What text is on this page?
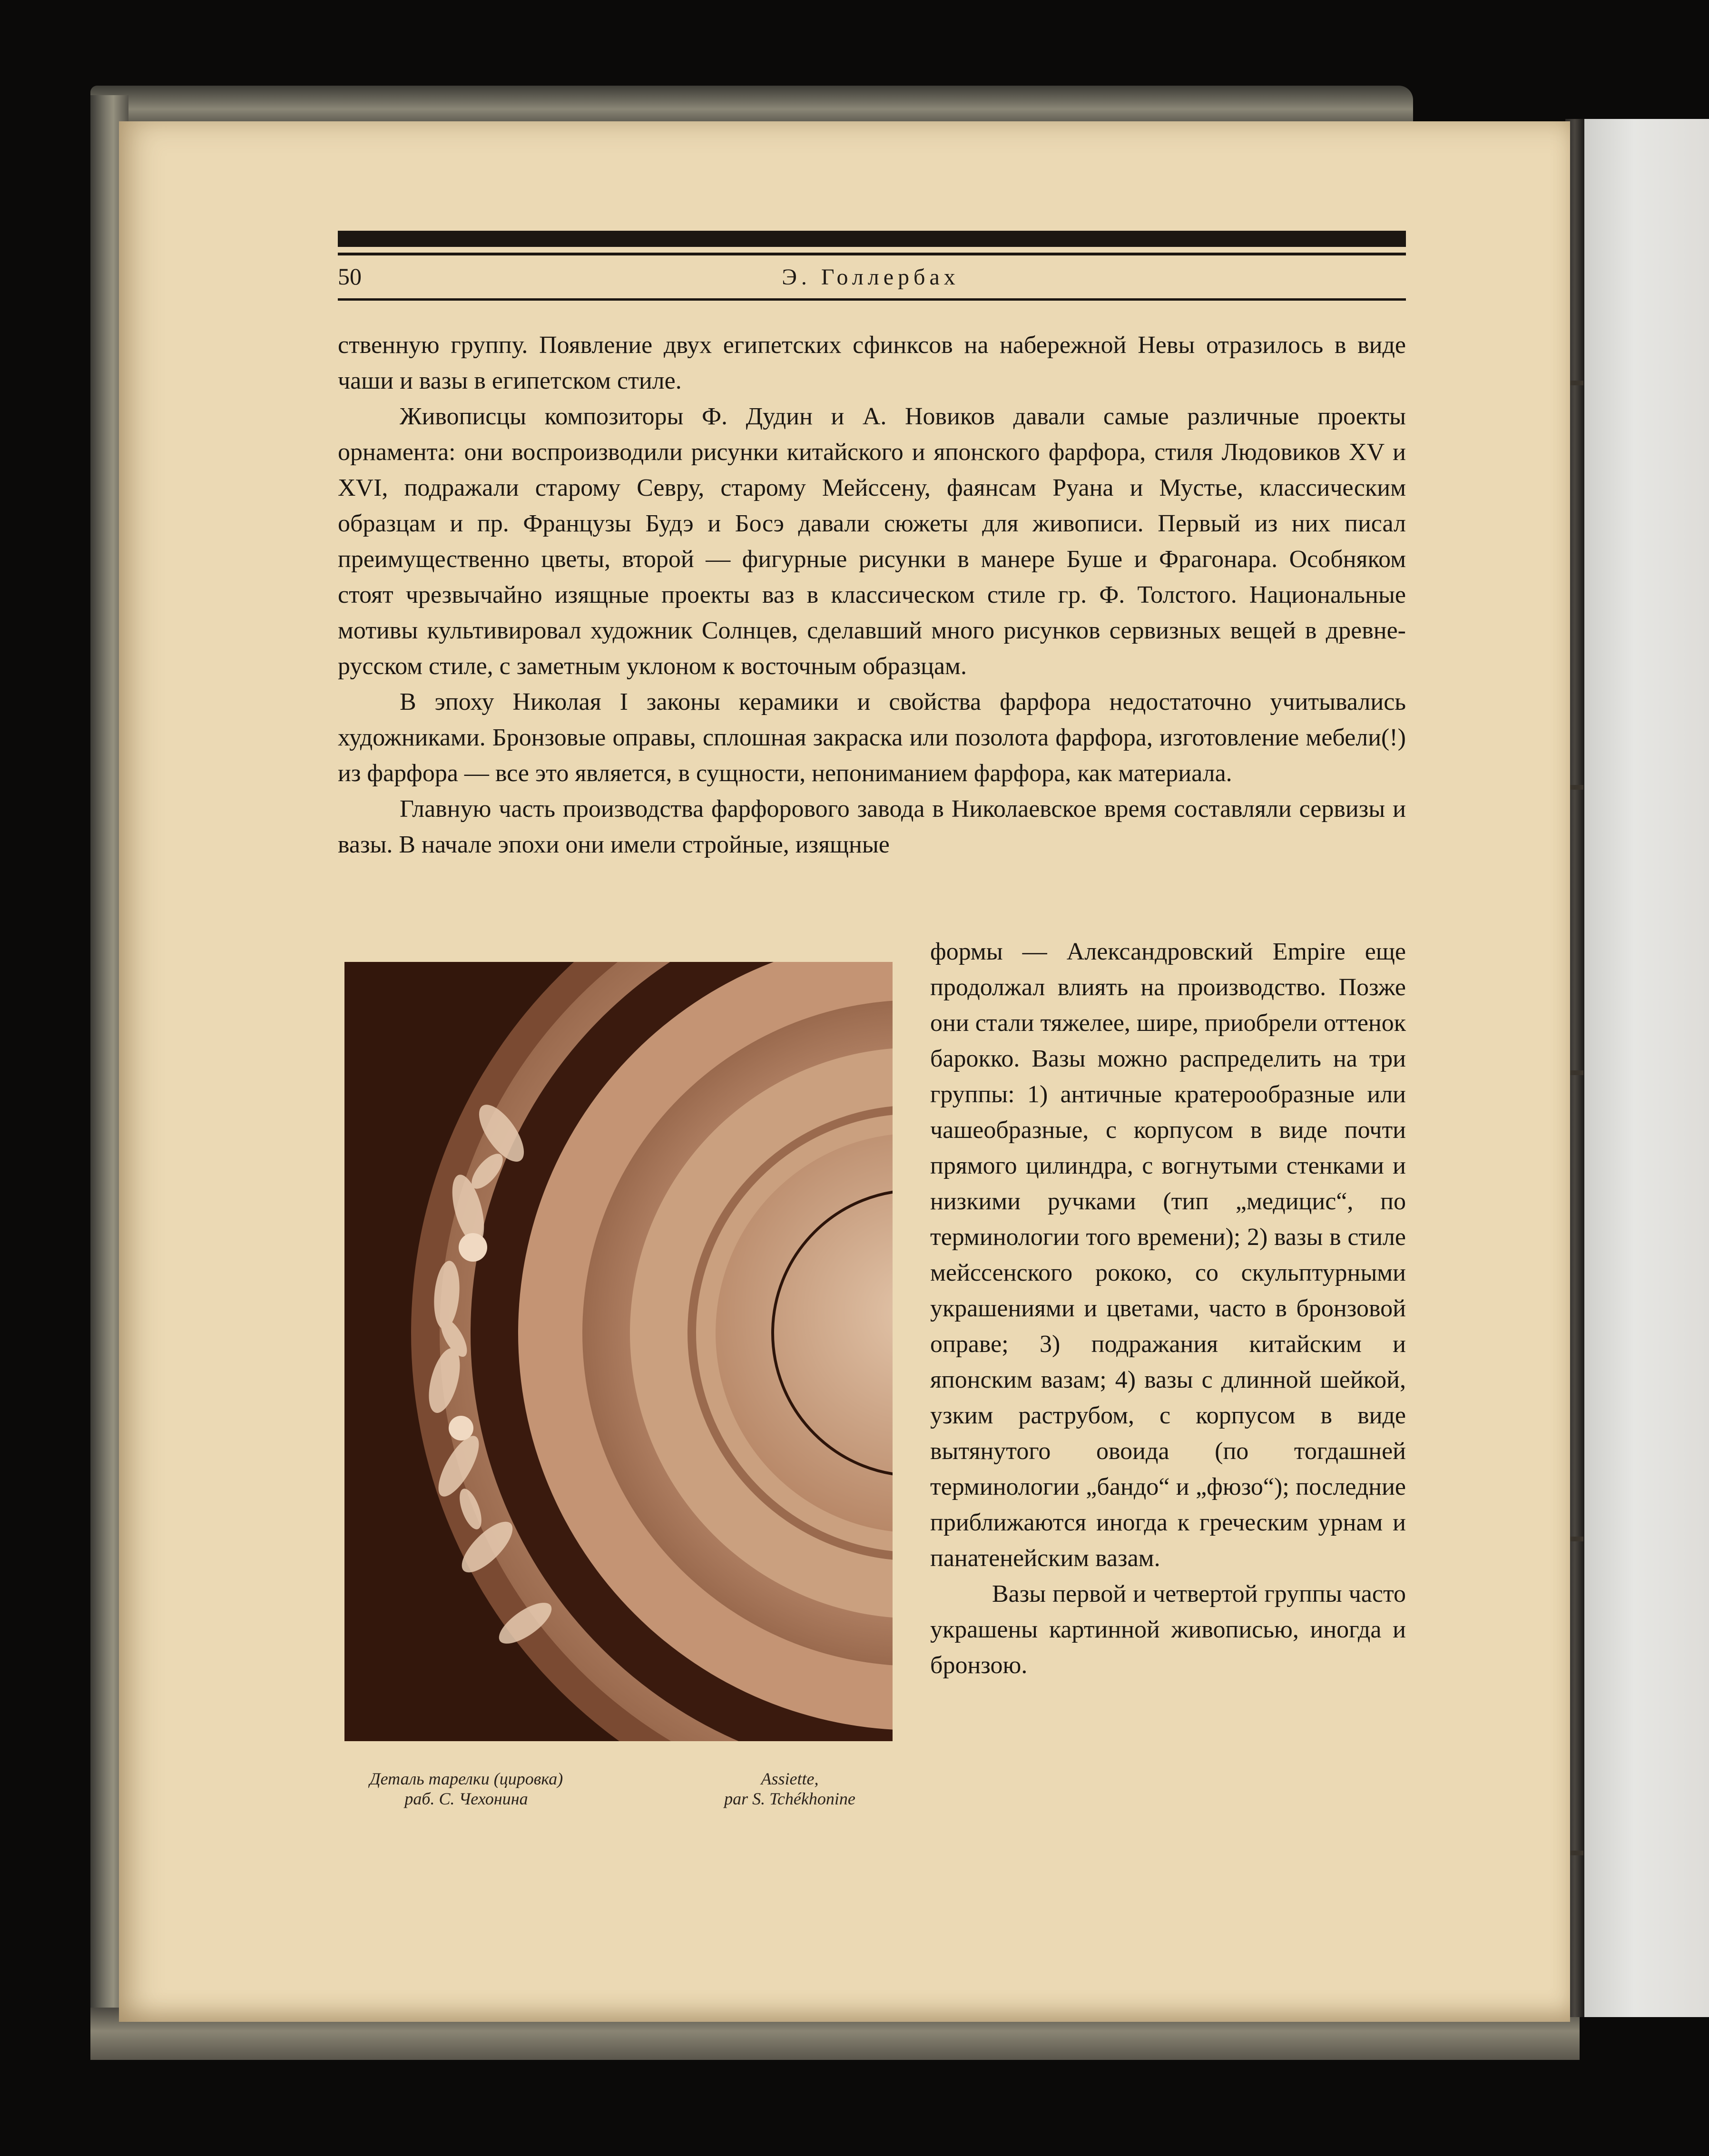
50	Э. Голлербах

ственную группу. Появление двух египетских сфинксов на набережной Невы отразилось в виде чаши и вазы в египетском стиле.

Живописцы композиторы Ф. Дудин и А. Новиков давали самые различные проекты орнамента: они воспроизводили рисунки китайского и японского фарфора, стиля Людовиков XV и XVI, подражали старому Севру, старому Мейссену, фаянсам Руана и Мустье, классическим образцам и пр. Французы Будэ и Босэ давали сюжеты для живописи. Первый из них писал преимущественно цветы, второй — фигурные рисунки в манере Буше и Фрагонара. Особняком стоят чрезвычайно изящные проекты ваз в классическом стиле гр. Ф. Толстого. Национальные мотивы культивировал художник Солнцев, сделавший много рисунков сервизных вещей в древне-русском стиле, с заметным уклоном к восточным образцам.

В эпоху Николая I законы керамики и свойства фарфора недостаточно учитывались художниками. Бронзовые оправы, сплошная закраска или позолота фарфора, изготовление мебели(!) из фарфора — все это является, в сущности, непониманием фарфора, как материала.

Главную часть производства фарфорового завода в Николаевское время составляли сервизы и вазы. В начале эпохи они имели стройные, изящные

Деталь тарелки (цировка)
раб. С. Чехонина
Assiette,
par S. Tchékhonine

формы — Александровский Empire еще продолжал влиять на производство. Позже они стали тяжелее, шире, приобрели оттенок барокко. Вазы можно распределить на три группы: 1) античные кратерообразные или чашеобразные, с корпусом в виде почти прямого цилиндра, с вогнутыми стенками и низкими ручками (тип „медицис“, по терминологии того времени); 2) вазы в стиле мейссенского рококо, со скульптурными украшениями и цветами, часто в бронзовой оправе; 3) подражания китайским и японским вазам; 4) вазы с длинной шейкой, узким раструбом, с корпусом в виде вытянутого овоида (по тогдашней терминологии „бандо“ и „фюзо“); последние приближаются иногда к греческим урнам и панатенейским вазам.

Вазы первой и четвертой группы часто украшены картинной живописью, иногда и бронзою.
